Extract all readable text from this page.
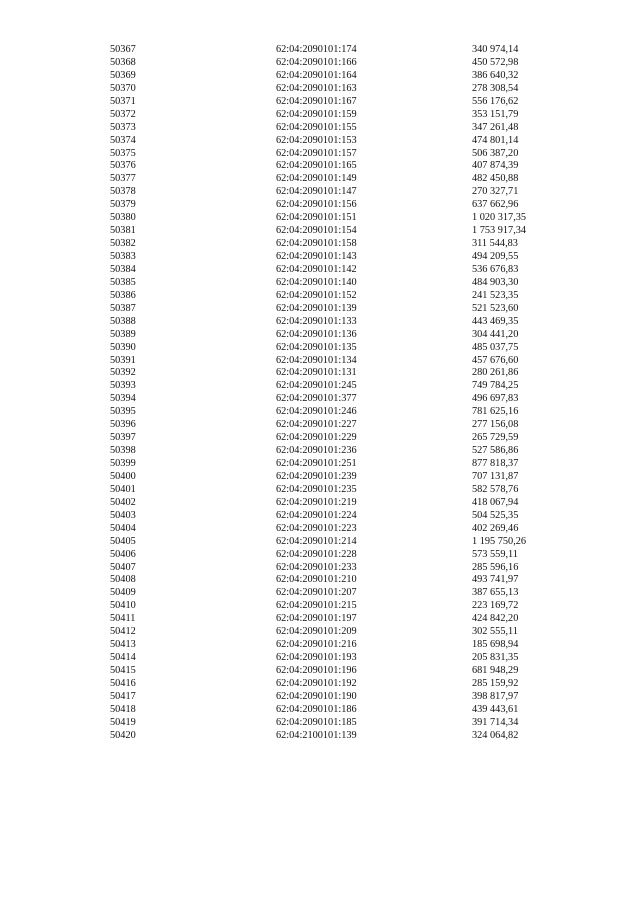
50367	62:04:2090101:174	340 974,14
50368	62:04:2090101:166	450 572,98
50369	62:04:2090101:164	386 640,32
50370	62:04:2090101:163	278 308,54
50371	62:04:2090101:167	556 176,62
50372	62:04:2090101:159	353 151,79
50373	62:04:2090101:155	347 261,48
50374	62:04:2090101:153	474 801,14
50375	62:04:2090101:157	506 387,20
50376	62:04:2090101:165	407 874,39
50377	62:04:2090101:149	482 450,88
50378	62:04:2090101:147	270 327,71
50379	62:04:2090101:156	637 662,96
50380	62:04:2090101:151	1 020 317,35
50381	62:04:2090101:154	1 753 917,34
50382	62:04:2090101:158	311 544,83
50383	62:04:2090101:143	494 209,55
50384	62:04:2090101:142	536 676,83
50385	62:04:2090101:140	484 903,30
50386	62:04:2090101:152	241 523,35
50387	62:04:2090101:139	521 523,60
50388	62:04:2090101:133	443 469,35
50389	62:04:2090101:136	304 441,20
50390	62:04:2090101:135	485 037,75
50391	62:04:2090101:134	457 676,60
50392	62:04:2090101:131	280 261,86
50393	62:04:2090101:245	749 784,25
50394	62:04:2090101:377	496 697,83
50395	62:04:2090101:246	781 625,16
50396	62:04:2090101:227	277 156,08
50397	62:04:2090101:229	265 729,59
50398	62:04:2090101:236	527 586,86
50399	62:04:2090101:251	877 818,37
50400	62:04:2090101:239	707 131,87
50401	62:04:2090101:235	582 578,76
50402	62:04:2090101:219	418 067,94
50403	62:04:2090101:224	504 525,35
50404	62:04:2090101:223	402 269,46
50405	62:04:2090101:214	1 195 750,26
50406	62:04:2090101:228	573 559,11
50407	62:04:2090101:233	285 596,16
50408	62:04:2090101:210	493 741,97
50409	62:04:2090101:207	387 655,13
50410	62:04:2090101:215	223 169,72
50411	62:04:2090101:197	424 842,20
50412	62:04:2090101:209	302 555,11
50413	62:04:2090101:216	185 698,94
50414	62:04:2090101:193	205 831,35
50415	62:04:2090101:196	681 948,29
50416	62:04:2090101:192	285 159,92
50417	62:04:2090101:190	398 817,97
50418	62:04:2090101:186	439 443,61
50419	62:04:2090101:185	391 714,34
50420	62:04:2100101:139	324 064,82
